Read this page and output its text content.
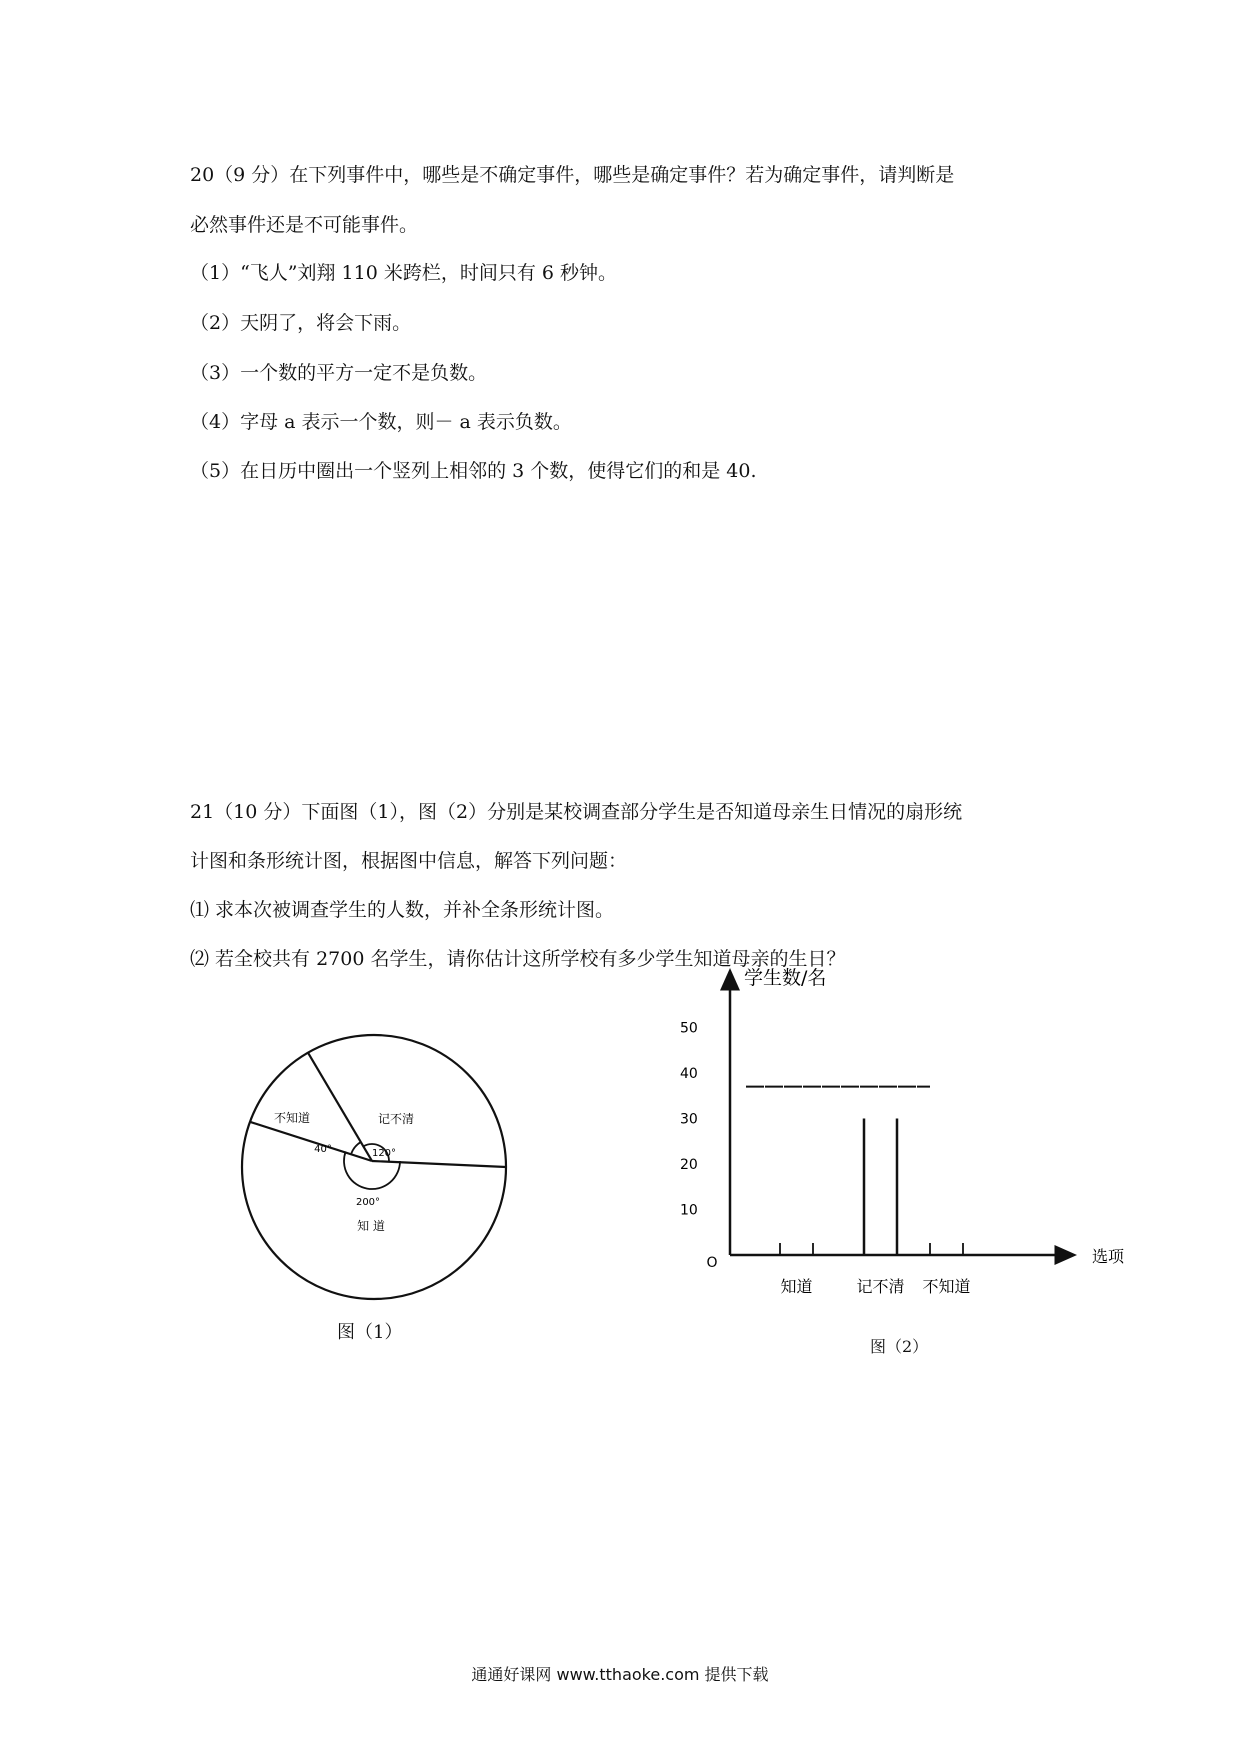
20（9 分）在下列事件中，哪些是不确定事件，哪些是确定事件？若为确定事件，请判断是
必然事件还是不可能事件。
（1）“飞人”刘翔 110 米跨栏，时间只有 6 秒钟。
（2）天阴了，将会下雨。
（3）一个数的平方一定不是负数。
（4）字母 a 表示一个数，则－ a 表示负数。
（5）在日历中圈出一个竖列上相邻的 3 个数，使得它们的和是 40.
21（10 分）下面图（1），图（2）分别是某校调查部分学生是否知道母亲生日情况的扇形统
计图和条形统计图，根据图中信息，解答下列问题：
⑴ 求本次被调查学生的人数，并补全条形统计图。
⑵ 若全校共有 2700 名学生，请你估计这所学校有多少学生知道母亲的生日？
记不清
120°
不知道
40°
知 道
200°
图（1）
学生数/名
选项
O
10
20
30
40
50
知道	记不清 不知道
图（2）
通通好课网 www.tthaoke.com 提供下载
